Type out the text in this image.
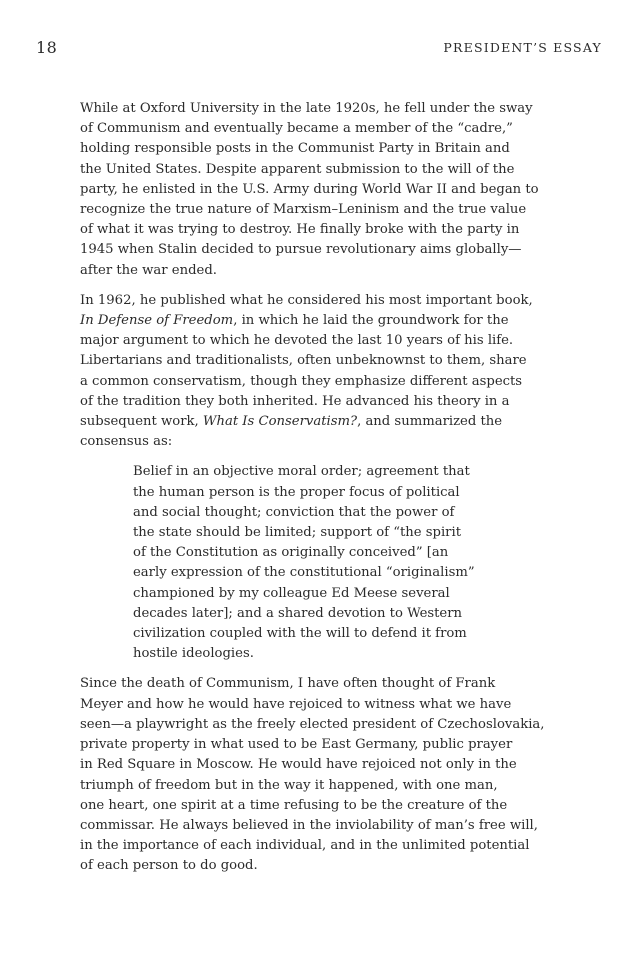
18	PRESIDENT’S ESSAY

While at Oxford University in the late 1920s, he fell under the sway
of Communism and eventually became a member of the “cadre,”
holding responsible posts in the Communist Party in Britain and
the United States. Despite apparent submission to the will of the
party, he enlisted in the U.S. Army during World War II and began to
recognize the true nature of Marxism–Leninism and the true value
of what it was trying to destroy. He finally broke with the party in
1945 when Stalin decided to pursue revolutionary aims globally—
after the war ended.

In 1962, he published what he considered his most important book,
In Defense of Freedom, in which he laid the groundwork for the
major argument to which he devoted the last 10 years of his life.
Libertarians and traditionalists, often unbeknownst to them, share
a common conservatism, though they emphasize different aspects
of the tradition they both inherited. He advanced his theory in a
subsequent work, What Is Conservatism?, and summarized the
consensus as:

Belief in an objective moral order; agreement that
the human person is the proper focus of political
and social thought; conviction that the power of
the state should be limited; support of “the spirit
of the Constitution as originally conceived” [an
early expression of the constitutional “originalism”
championed by my colleague Ed Meese several
decades later]; and a shared devotion to Western
civilization coupled with the will to defend it from
hostile ideologies.

Since the death of Communism, I have often thought of Frank
Meyer and how he would have rejoiced to witness what we have
seen—a playwright as the freely elected president of Czechoslovakia,
private property in what used to be East Germany, public prayer
in Red Square in Moscow. He would have rejoiced not only in the
triumph of freedom but in the way it happened, with one man,
one heart, one spirit at a time refusing to be the creature of the
commissar. He always believed in the inviolability of man’s free will,
in the importance of each individual, and in the unlimited potential
of each person to do good.
